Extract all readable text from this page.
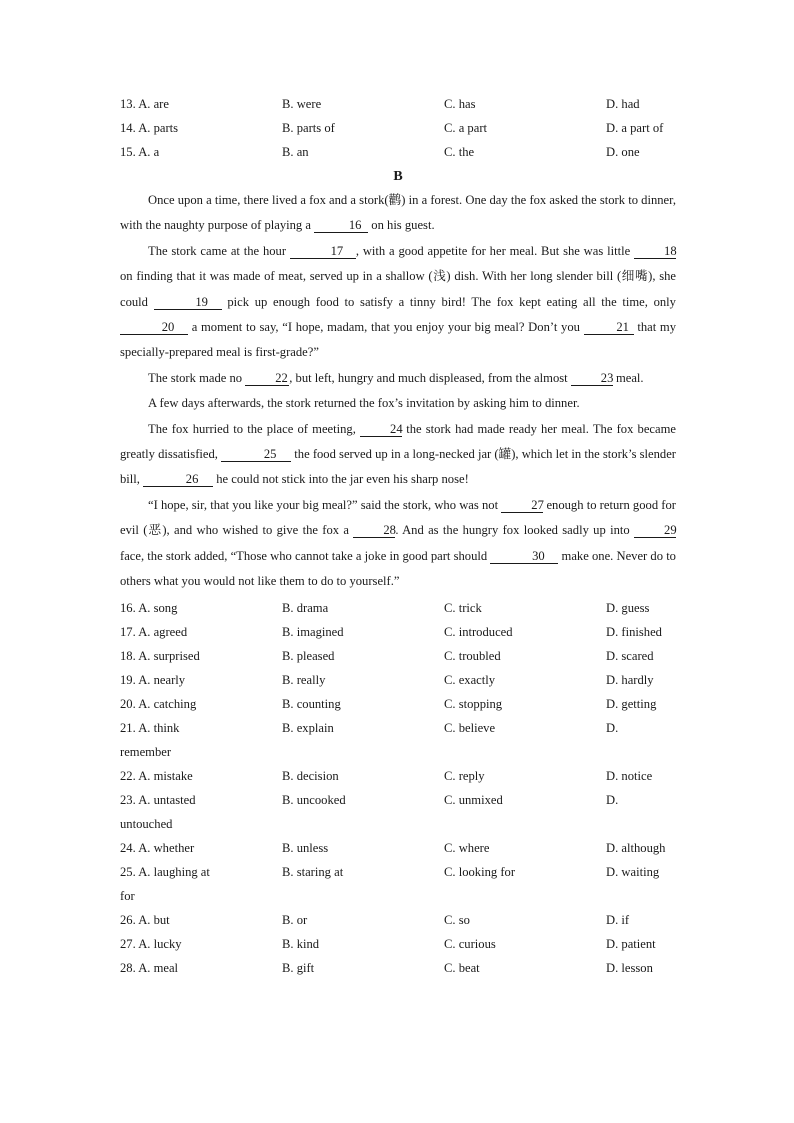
13. A. are	B. were	C. has	D. had
14. A. parts	B. parts of	C. a part	D. a part of
15. A. a	B. an	C. the	D. one
B

Once upon a time, there lived a fox and a stork(鹳) in a forest. One day the fox asked the stork to dinner, with the naughty purpose of playing a	16 on his guest.

The stork came at the hour	17 , with a good appetite for her meal. But she was little 18 on finding that it was made of meat, served up in a shallow (浅) dish. With her long slender bill (细嘴), she could	19 pick up enough food to satisfy a tinny bird! The fox kept eating all the time, only 20 a moment to say, “I hope, madam, that you enjoy your big meal? Don’t you	21 that my specially-prepared meal is first-grade?”

The stork made no 22, but left, hungry and much displeased, from the almost 23 meal.

A few days afterwards, the stork returned the fox’s invitation by asking him to dinner.

The fox hurried to the place of meeting, 24 the stork had made ready her meal. The fox became greatly dissatisfied,	25 the food served up in a long-necked jar (罐), which let in the stork’s slender bill,	26 he could not stick into the jar even his sharp nose!

“I hope, sir, that you like your big meal?” said the stork, who was not 27 enough to return good for evil (恶), and who wished to give the fox a 28. And as the hungry fox looked sadly up into 29 face, the stork added, “Those who cannot take a joke in good part should	30 make one. Never do to others what you would not like them to do to yourself.”

16. A. song	B. drama	C. trick	D. guess
17. A. agreed	B. imagined	C. introduced	D. finished
18. A. surprised	B. pleased	C. troubled	D. scared
19. A. nearly	B. really	C. exactly	D. hardly
20. A. catching	B. counting	C. stopping	D. getting
21. A. think	B. explain	C. believe	D.
remember
22. A. mistake	B. decision	C. reply	D. notice
23. A. untasted	B. uncooked	C. unmixed	D.
untouched
24. A. whether	B. unless	C. where	D. although
25. A. laughing at	B. staring at	C. looking for	D. waiting
for
26. A. but	B. or	C. so	D. if
27. A. lucky	B. kind	C. curious	D. patient
28. A. meal	B. gift	C. beat	D. lesson
